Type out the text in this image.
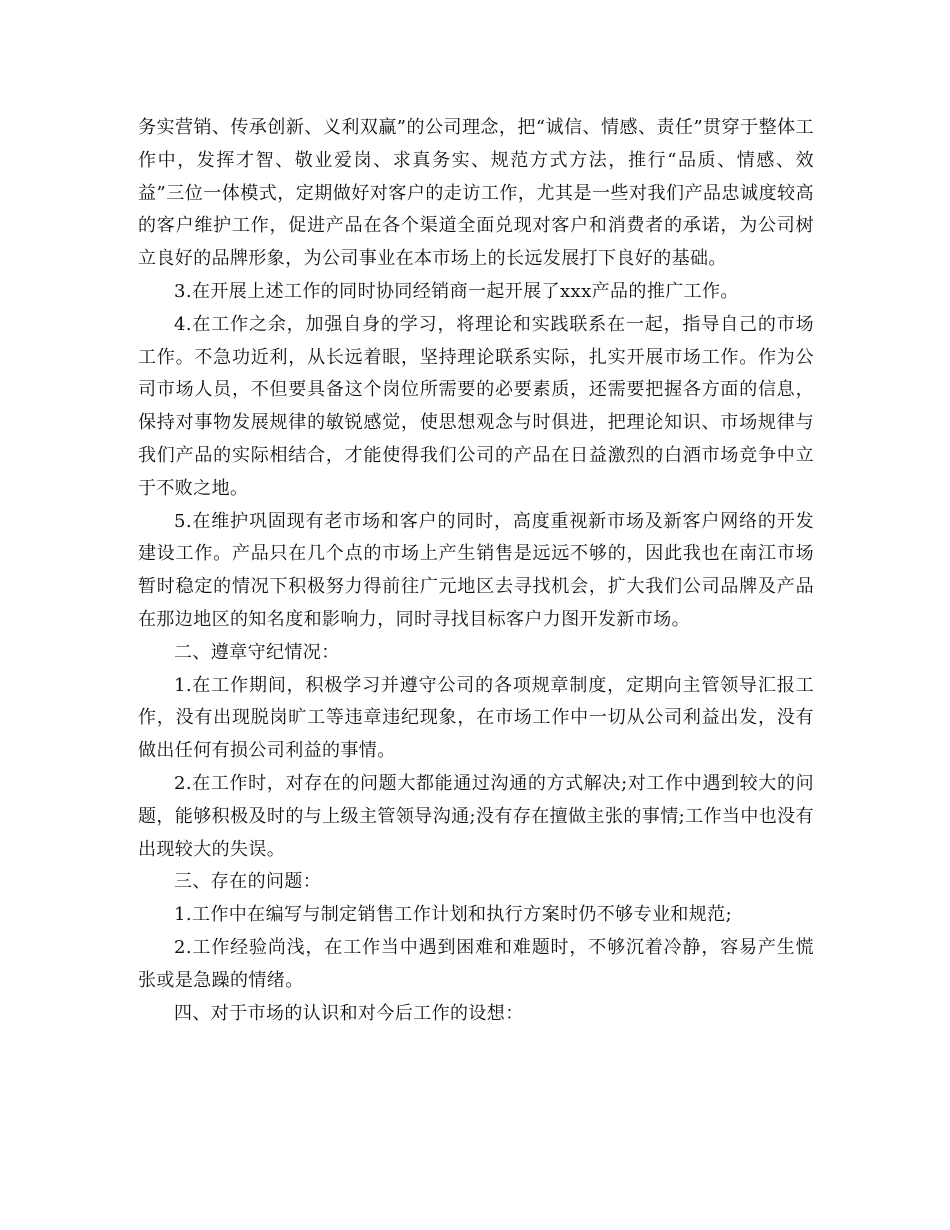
务实营销、传承创新、义利双赢”的公司理念，把“诚信、情感、责任”贯穿于整体工作中，发挥才智、敬业爱岗、求真务实、规范方式方法，推行“品质、情感、效益”三位一体模式，定期做好对客户的走访工作，尤其是一些对我们产品忠诚度较高的客户维护工作，促进产品在各个渠道全面兑现对客户和消费者的承诺，为公司树立良好的品牌形象，为公司事业在本市场上的长远发展打下良好的基础。

3.在开展上述工作的同时协同经销商一起开展了xxx产品的推广工作。

4.在工作之余，加强自身的学习，将理论和实践联系在一起，指导自己的市场工作。不急功近利，从长远着眼，坚持理论联系实际，扎实开展市场工作。作为公司市场人员，不但要具备这个岗位所需要的必要素质，还需要把握各方面的信息，保持对事物发展规律的敏锐感觉，使思想观念与时俱进，把理论知识、市场规律与我们产品的实际相结合，才能使得我们公司的产品在日益激烈的白酒市场竞争中立于不败之地。

5.在维护巩固现有老市场和客户的同时，高度重视新市场及新客户网络的开发建设工作。产品只在几个点的市场上产生销售是远远不够的，因此我也在南江市场暂时稳定的情况下积极努力得前往广元地区去寻找机会，扩大我们公司品牌及产品在那边地区的知名度和影响力，同时寻找目标客户力图开发新市场。

二、遵章守纪情况：

1.在工作期间，积极学习并遵守公司的各项规章制度，定期向主管领导汇报工作，没有出现脱岗旷工等违章违纪现象，在市场工作中一切从公司利益出发，没有做出任何有损公司利益的事情。

2.在工作时，对存在的问题大都能通过沟通的方式解决;对工作中遇到较大的问题，能够积极及时的与上级主管领导沟通;没有存在擅做主张的事情;工作当中也没有出现较大的失误。

三、存在的问题：

1.工作中在编写与制定销售工作计划和执行方案时仍不够专业和规范;

2.工作经验尚浅，在工作当中遇到困难和难题时，不够沉着冷静，容易产生慌张或是急躁的情绪。

四、对于市场的认识和对今后工作的设想：
